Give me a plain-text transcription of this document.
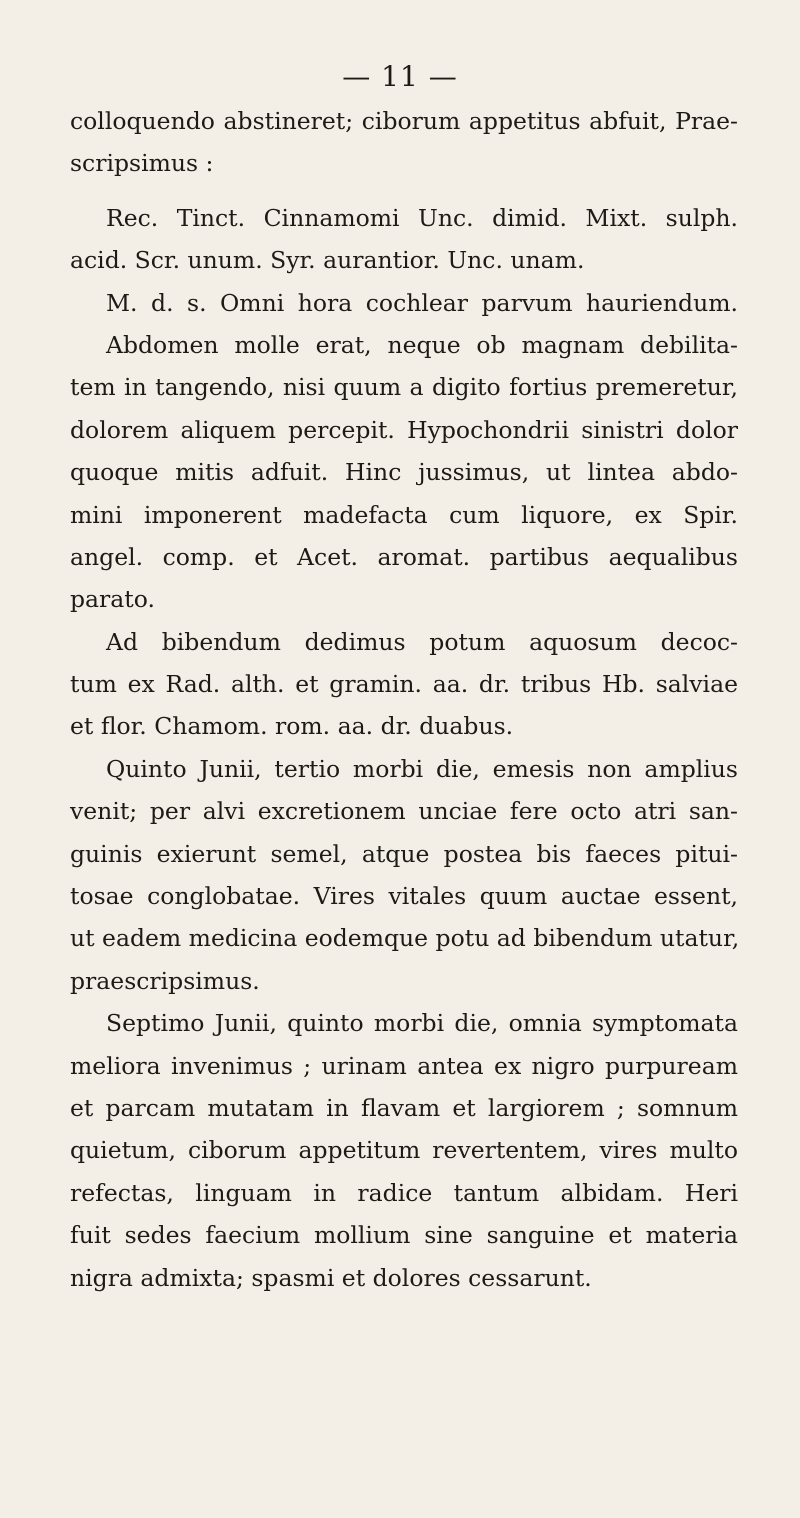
— 11 —
colloquendo abstineret; ciborum appetitus abfuit, Prae-
scripsimus :
Rec. Tinct. Cinnamomi Unc. dimid. Mixt. sulph.
acid. Scr. unum. Syr. aurantior. Unc. unam.
M. d. s. Omni hora cochlear parvum hauriendum.
Abdomen molle erat, neque ob magnam debilita-
tem in tangendo, nisi quum a digito fortius premeretur,
dolorem aliquem percepit. Hypochondrii sinistri dolor
quoque mitis adfuit. Hinc jussimus, ut lintea abdo-
mini imponerent madefacta cum liquore, ex Spir.
angel. comp. et Acet. aromat. partibus aequalibus
parato.
Ad bibendum dedimus potum aquosum decoc-
tum ex Rad. alth. et gramin. aa. dr. tribus Hb. salviae
et flor. Chamom. rom. aa. dr. duabus.
Quinto Junii, tertio morbi die, emesis non amplius
venit; per alvi excretionem unciae fere octo atri san-
guinis exierunt semel, atque postea bis faeces pitui-
tosae conglobatae. Vires vitales quum auctae essent,
ut eadem medicina eodemque potu ad bibendum utatur,
praescripsimus.
Septimo Junii, quinto morbi die, omnia symptomata
meliora invenimus ; urinam antea ex nigro purpuream
et parcam mutatam in flavam et largiorem ; somnum
quietum, ciborum appetitum revertentem, vires multo
refectas, linguam in radice tantum albidam. Heri
fuit sedes faecium mollium sine sanguine et materia
nigra admixta; spasmi et dolores cessarunt.
